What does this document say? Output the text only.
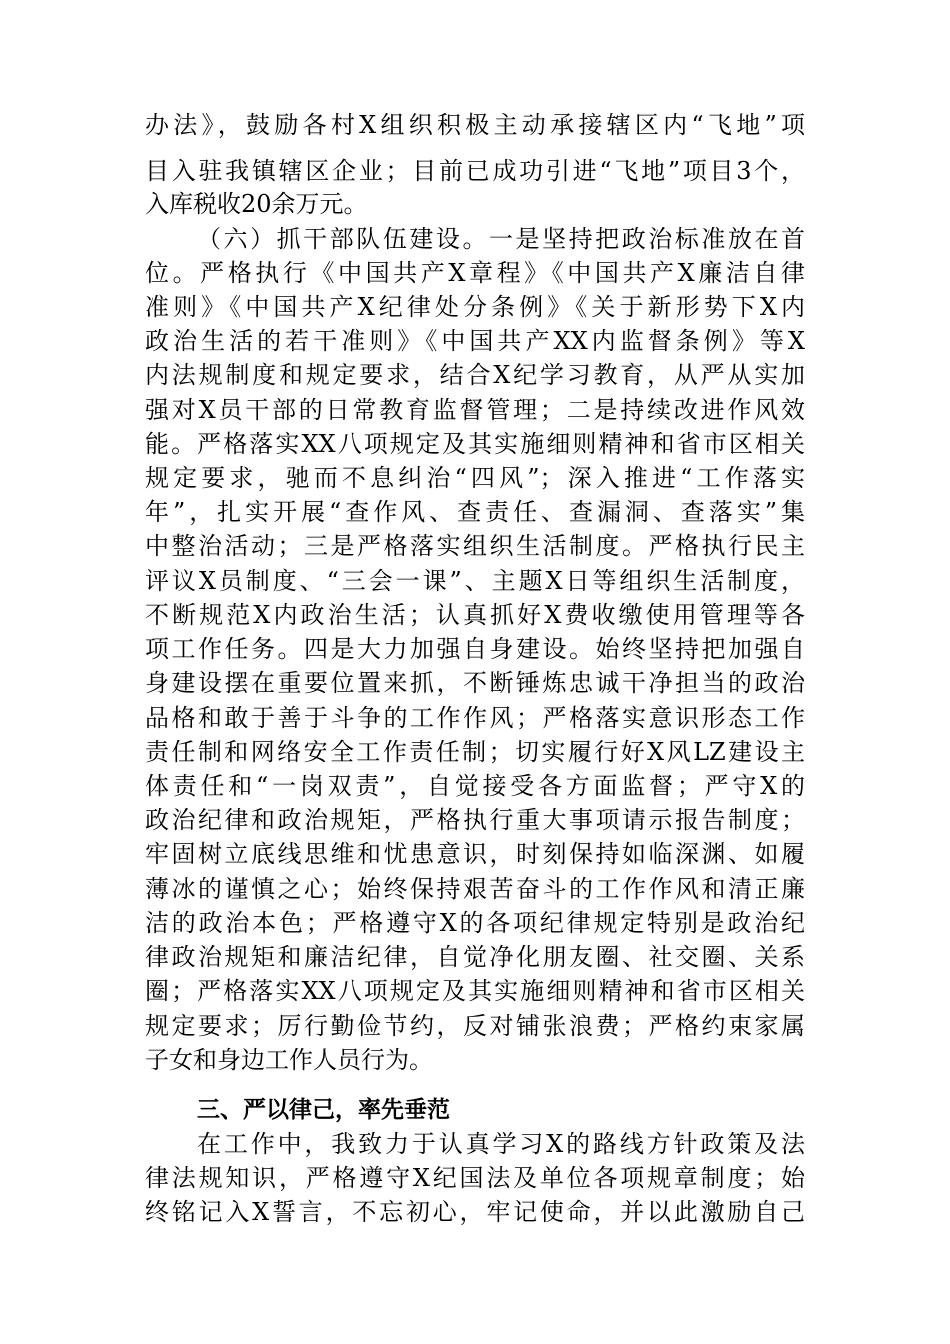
办法》，鼓励各村X组织积极主动承接辖区内“飞地”项
目入驻我镇辖区企业；目前已成功引进“飞地”项目3个，
入库税收20余万元。
（六）抓干部队伍建设。一是坚持把政治标准放在首
位。严格执行《中国共产X章程》《中国共产X廉洁自律
准则》《中国共产X纪律处分条例》《关于新形势下X内
政治生活的若干准则》《中国共产XX内监督条例》等X
内法规制度和规定要求，结合X纪学习教育，从严从实加
强对X员干部的日常教育监督管理；二是持续改进作风效
能。严格落实XX八项规定及其实施细则精神和省市区相关
规定要求，驰而不息纠治“四风”；深入推进“工作落实
年”，扎实开展“查作风、查责任、查漏洞、查落实”集
中整治活动；三是严格落实组织生活制度。严格执行民主
评议X员制度、“三会一课”、主题X日等组织生活制度，
不断规范X内政治生活；认真抓好X费收缴使用管理等各
项工作任务。四是大力加强自身建设。始终坚持把加强自
身建设摆在重要位置来抓，不断锤炼忠诚干净担当的政治
品格和敢于善于斗争的工作作风；严格落实意识形态工作
责任制和网络安全工作责任制；切实履行好X风LZ建设主
体责任和“一岗双责”，自觉接受各方面监督；严守X的
政治纪律和政治规矩，严格执行重大事项请示报告制度；
牢固树立底线思维和忧患意识，时刻保持如临深渊、如履
薄冰的谨慎之心；始终保持艰苦奋斗的工作作风和清正廉
洁的政治本色；严格遵守X的各项纪律规定特别是政治纪
律政治规矩和廉洁纪律，自觉净化朋友圈、社交圈、关系
圈；严格落实XX八项规定及其实施细则精神和省市区相关
规定要求；厉行勤俭节约，反对铺张浪费；严格约束家属
子女和身边工作人员行为。
三、严以律己，率先垂范
在工作中，我致力于认真学习X的路线方针政策及法
律法规知识，严格遵守X纪国法及单位各项规章制度；始
终铭记入X誓言，不忘初心，牢记使命，并以此激励自己
